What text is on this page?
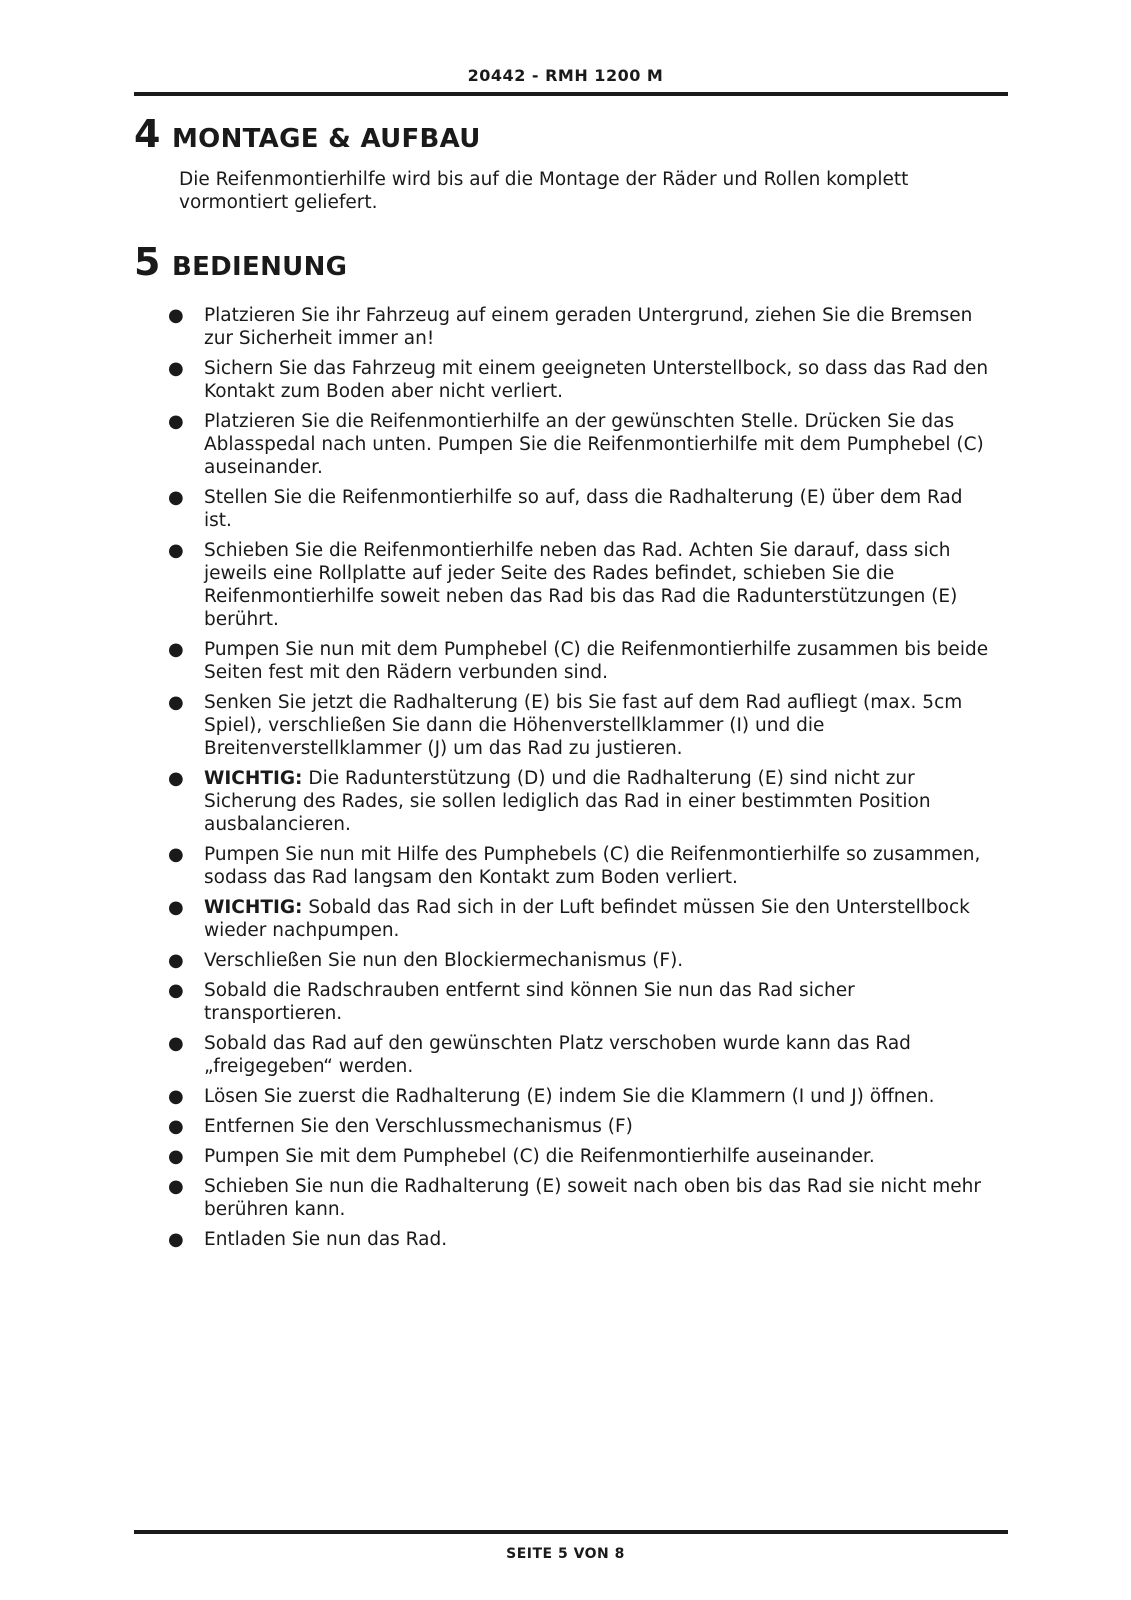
20442 - RMH 1200 M
4 MONTAGE & AUFBAU

Die Reifenmontierhilfe wird bis auf die Montage der Räder und Rollen komplett vormontiert geliefert.

5 BEDIENUNG
● Platzieren Sie ihr Fahrzeug auf einem geraden Untergrund, ziehen Sie die Bremsen zur Sicherheit immer an!
● Sichern Sie das Fahrzeug mit einem geeigneten Unterstellbock, so dass das Rad den Kontakt zum Boden aber nicht verliert.
● Platzieren Sie die Reifenmontierhilfe an der gewünschten Stelle. Drücken Sie das Ablasspedal nach unten. Pumpen Sie die Reifenmontierhilfe mit dem Pumphebel (C) auseinander.
● Stellen Sie die Reifenmontierhilfe so auf, dass die Radhalterung (E) über dem Rad ist.
● Schieben Sie die Reifenmontierhilfe neben das Rad. Achten Sie darauf, dass sich jeweils eine Rollplatte auf jeder Seite des Rades befindet, schieben Sie die Reifenmontierhilfe soweit neben das Rad bis das Rad die Radunterstützungen (E) berührt.
● Pumpen Sie nun mit dem Pumphebel (C) die Reifenmontierhilfe zusammen bis beide Seiten fest mit den Rädern verbunden sind.
● Senken Sie jetzt die Radhalterung (E) bis Sie fast auf dem Rad aufliegt (max. 5cm Spiel), verschließen Sie dann die Höhenverstellklammer (I) und die Breitenverstellklammer (J) um das Rad zu justieren.
● WICHTIG: Die Radunterstützung (D) und die Radhalterung (E) sind nicht zur Sicherung des Rades, sie sollen lediglich das Rad in einer bestimmten Position ausbalancieren.
● Pumpen Sie nun mit Hilfe des Pumphebels (C) die Reifenmontierhilfe so zusammen, sodass das Rad langsam den Kontakt zum Boden verliert.
● WICHTIG: Sobald das Rad sich in der Luft befindet müssen Sie den Unterstellbock wieder nachpumpen.
● Verschließen Sie nun den Blockiermechanismus (F).
● Sobald die Radschrauben entfernt sind können Sie nun das Rad sicher transportieren.
● Sobald das Rad auf den gewünschten Platz verschoben wurde kann das Rad „freigegeben“ werden.
● Lösen Sie zuerst die Radhalterung (E) indem Sie die Klammern (I und J) öffnen.
● Entfernen Sie den Verschlussmechanismus (F)
● Pumpen Sie mit dem Pumphebel (C) die Reifenmontierhilfe auseinander.
● Schieben Sie nun die Radhalterung (E) soweit nach oben bis das Rad sie nicht mehr berühren kann.
● Entladen Sie nun das Rad.
SEITE 5 VON 8
